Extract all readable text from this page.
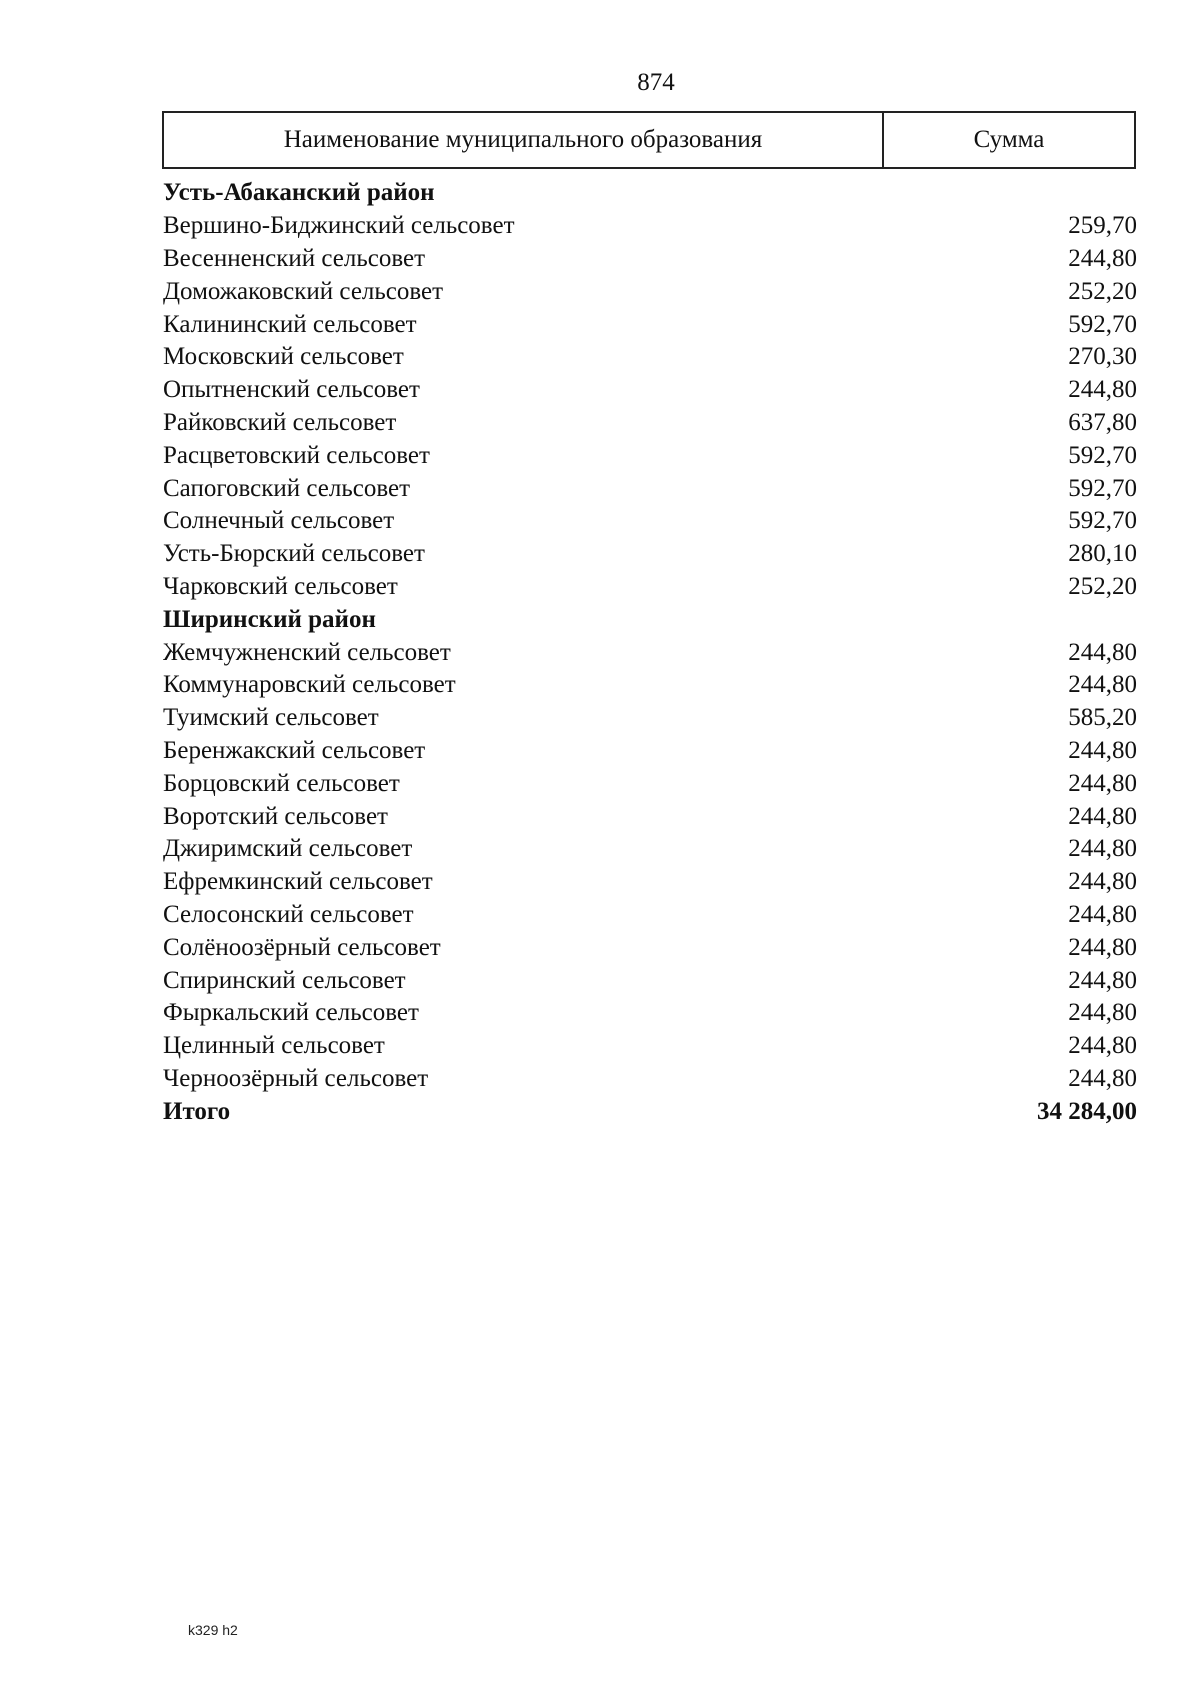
874
Наименование муниципального образования	Сумма
Усть-Абаканский район
Вершино-Биджинский сельсовет	259,70
Весенненский сельсовет	244,80
Доможаковский сельсовет	252,20
Калининский сельсовет	592,70
Московский сельсовет	270,30
Опытненский сельсовет	244,80
Райковский сельсовет	637,80
Расцветовский сельсовет	592,70
Сапоговский сельсовет	592,70
Солнечный сельсовет	592,70
Усть-Бюрский сельсовет	280,10
Чарковский сельсовет	252,20
Ширинский район
Жемчужненский сельсовет	244,80
Коммунаровский сельсовет	244,80
Туимский сельсовет	585,20
Беренжакский сельсовет	244,80
Борцовский сельсовет	244,80
Воротский сельсовет	244,80
Джиримский сельсовет	244,80
Ефремкинский сельсовет	244,80
Селосонский сельсовет	244,80
Солёноозёрный сельсовет	244,80
Спиринский сельсовет	244,80
Фыркальский сельсовет	244,80
Целинный сельсовет	244,80
Черноозёрный сельсовет	244,80
Итого	34 284,00
k329 h2
